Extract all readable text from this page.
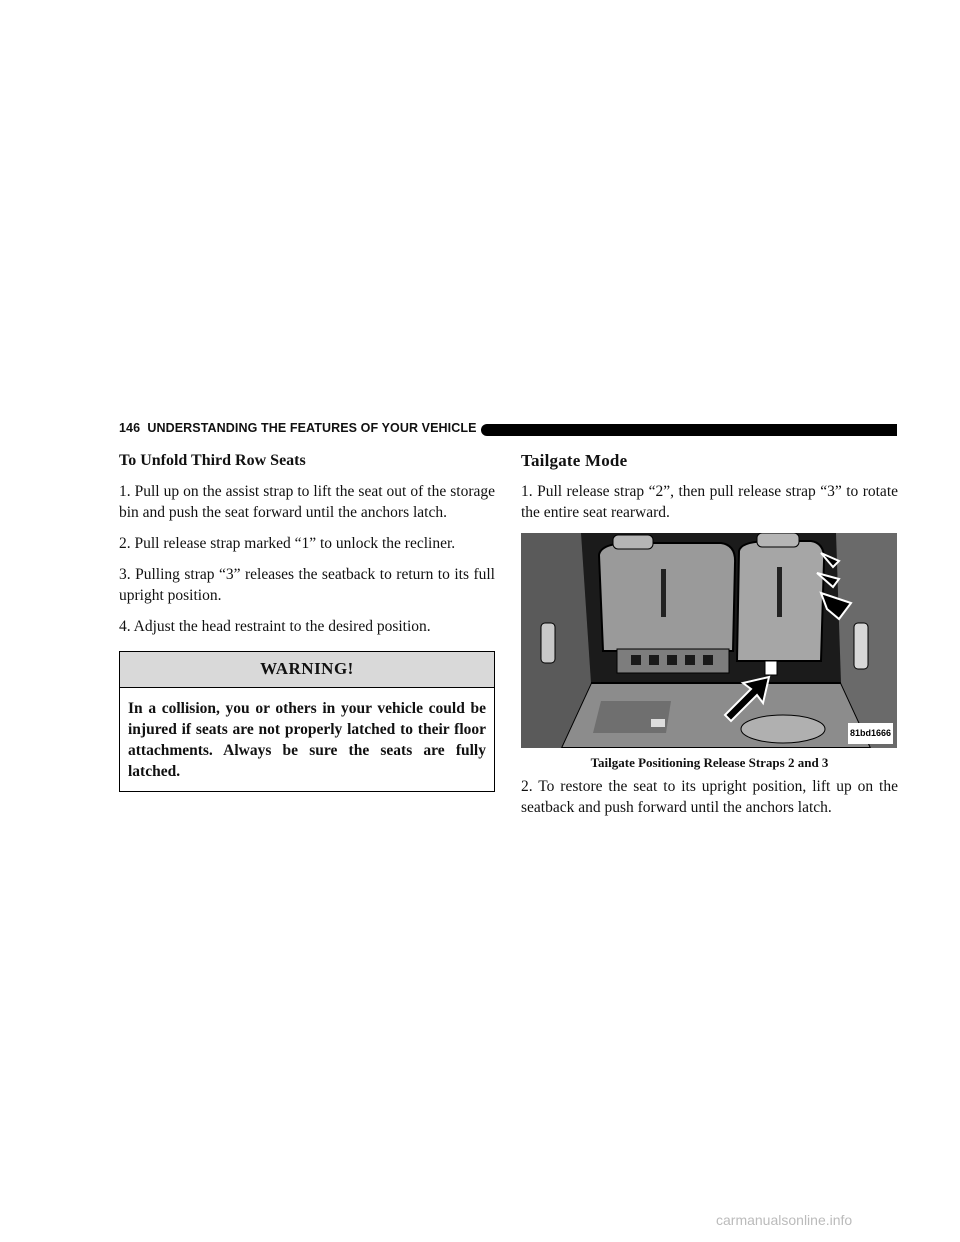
146 UNDERSTANDING THE FEATURES OF YOUR VEHICLE
To Unfold Third Row Seats

1. Pull up on the assist strap to lift the seat out of the storage bin and push the seat forward until the anchors latch.

2. Pull release strap marked “1” to unlock the recliner.

3. Pulling strap “3” releases the seatback to return to its full upright position.

4. Adjust the head restraint to the desired position.

WARNING!
In a collision, you or others in your vehicle could be injured if seats are not properly latched to their floor attachments. Always be sure the seats are fully latched.
Tailgate Mode

1. Pull release strap “2”, then pull release strap “3” to rotate the entire seat rearward.

81bd1666
Tailgate Positioning Release Straps 2 and 3

2. To restore the seat to its upright position, lift up on the seatback and push forward until the anchors latch.

carmanualsonline.info
